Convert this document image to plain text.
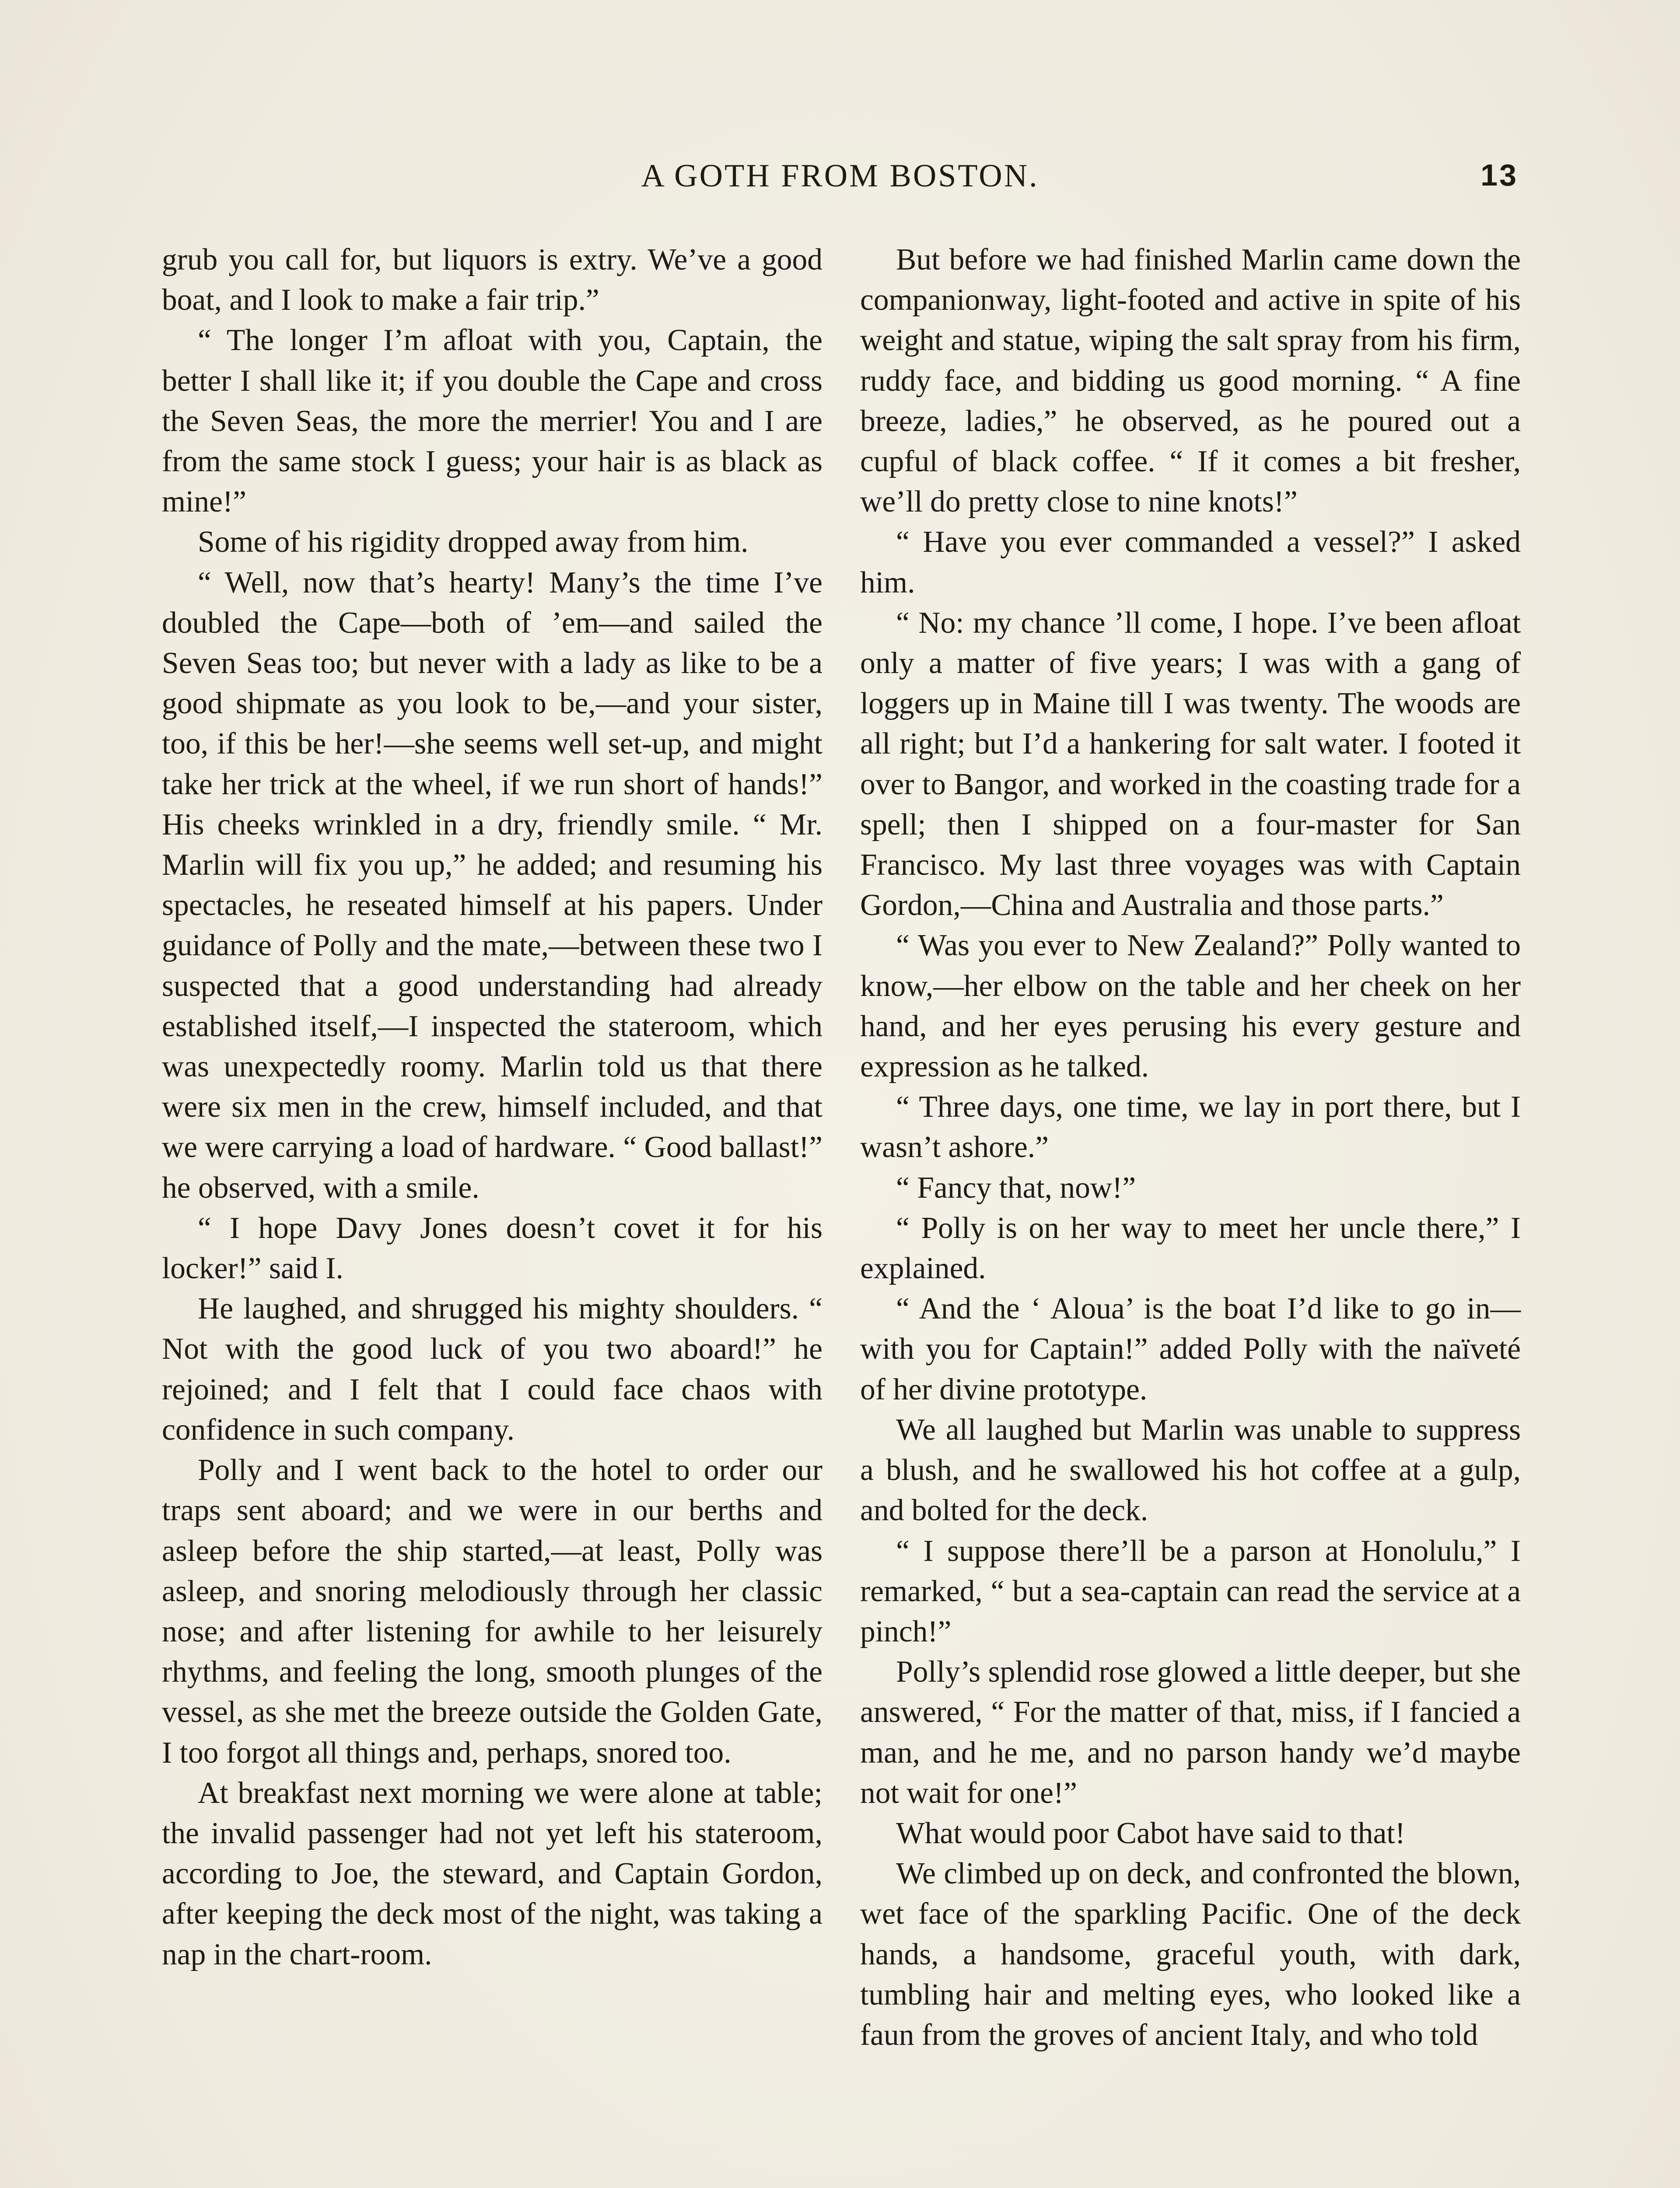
A GOTH FROM BOSTON.	13

grub you call for, but liquors is extry. We’ve a good boat, and I look to make a fair trip.”

“ The longer I’m afloat with you, Captain, the better I shall like it; if you double the Cape and cross the Seven Seas, the more the merrier! You and I are from the same stock I guess; your hair is as black as mine!”

Some of his rigidity dropped away from him.

“ Well, now that’s hearty! Many’s the time I’ve doubled the Cape—both of ’em—and sailed the Seven Seas too; but never with a lady as like to be a good shipmate as you look to be,—and your sister, too, if this be her!—she seems well set-up, and might take her trick at the wheel, if we run short of hands!” His cheeks wrinkled in a dry, friendly smile. “ Mr. Marlin will fix you up,” he added; and resuming his spectacles, he reseated himself at his papers. Under guidance of Polly and the mate,—between these two I suspected that a good understanding had already established itself,—I inspected the stateroom, which was unexpectedly roomy. Marlin told us that there were six men in the crew, himself included, and that we were carrying a load of hardware. “ Good ballast!” he observed, with a smile.

“ I hope Davy Jones doesn’t covet it for his locker!” said I.

He laughed, and shrugged his mighty shoulders. “ Not with the good luck of you two aboard!” he rejoined; and I felt that I could face chaos with confidence in such company.

Polly and I went back to the hotel to order our traps sent aboard; and we were in our berths and asleep before the ship started,—at least, Polly was asleep, and snoring melodiously through her classic nose; and after listening for awhile to her leisurely rhythms, and feeling the long, smooth plunges of the vessel, as she met the breeze outside the Golden Gate, I too forgot all things and, perhaps, snored too.

At breakfast next morning we were alone at table; the invalid passenger had not yet left his stateroom, according to Joe, the steward, and Captain Gordon, after keeping the deck most of the night, was taking a nap in the chart-room.

But before we had finished Marlin came down the companionway, light-footed and active in spite of his weight and statue, wiping the salt spray from his firm, ruddy face, and bidding us good morning. “ A fine breeze, ladies,” he observed, as he poured out a cupful of black coffee. “ If it comes a bit fresher, we’ll do pretty close to nine knots!”

“ Have you ever commanded a vessel?” I asked him.

“ No: my chance ’ll come, I hope. I’ve been afloat only a matter of five years; I was with a gang of loggers up in Maine till I was twenty. The woods are all right; but I’d a hankering for salt water. I footed it over to Bangor, and worked in the coasting trade for a spell; then I shipped on a four-master for San Francisco. My last three voyages was with Captain Gordon,—China and Australia and those parts.”

“ Was you ever to New Zealand?” Polly wanted to know,—her elbow on the table and her cheek on her hand, and her eyes perusing his every gesture and expression as he talked.

“ Three days, one time, we lay in port there, but I wasn’t ashore.”

“ Fancy that, now!”

“ Polly is on her way to meet her uncle there,” I explained.

“ And the ‘ Aloua’ is the boat I’d like to go in—with you for Captain!” added Polly with the naïveté of her divine prototype.

We all laughed but Marlin was unable to suppress a blush, and he swallowed his hot coffee at a gulp, and bolted for the deck.

“ I suppose there’ll be a parson at Honolulu,” I remarked, “ but a sea-captain can read the service at a pinch!”

Polly’s splendid rose glowed a little deeper, but she answered, “ For the matter of that, miss, if I fancied a man, and he me, and no parson handy we’d maybe not wait for one!”

What would poor Cabot have said to that!

We climbed up on deck, and confronted the blown, wet face of the sparkling Pacific. One of the deck hands, a handsome, graceful youth, with dark, tumbling hair and melting eyes, who looked like a faun from the groves of ancient Italy, and who told
